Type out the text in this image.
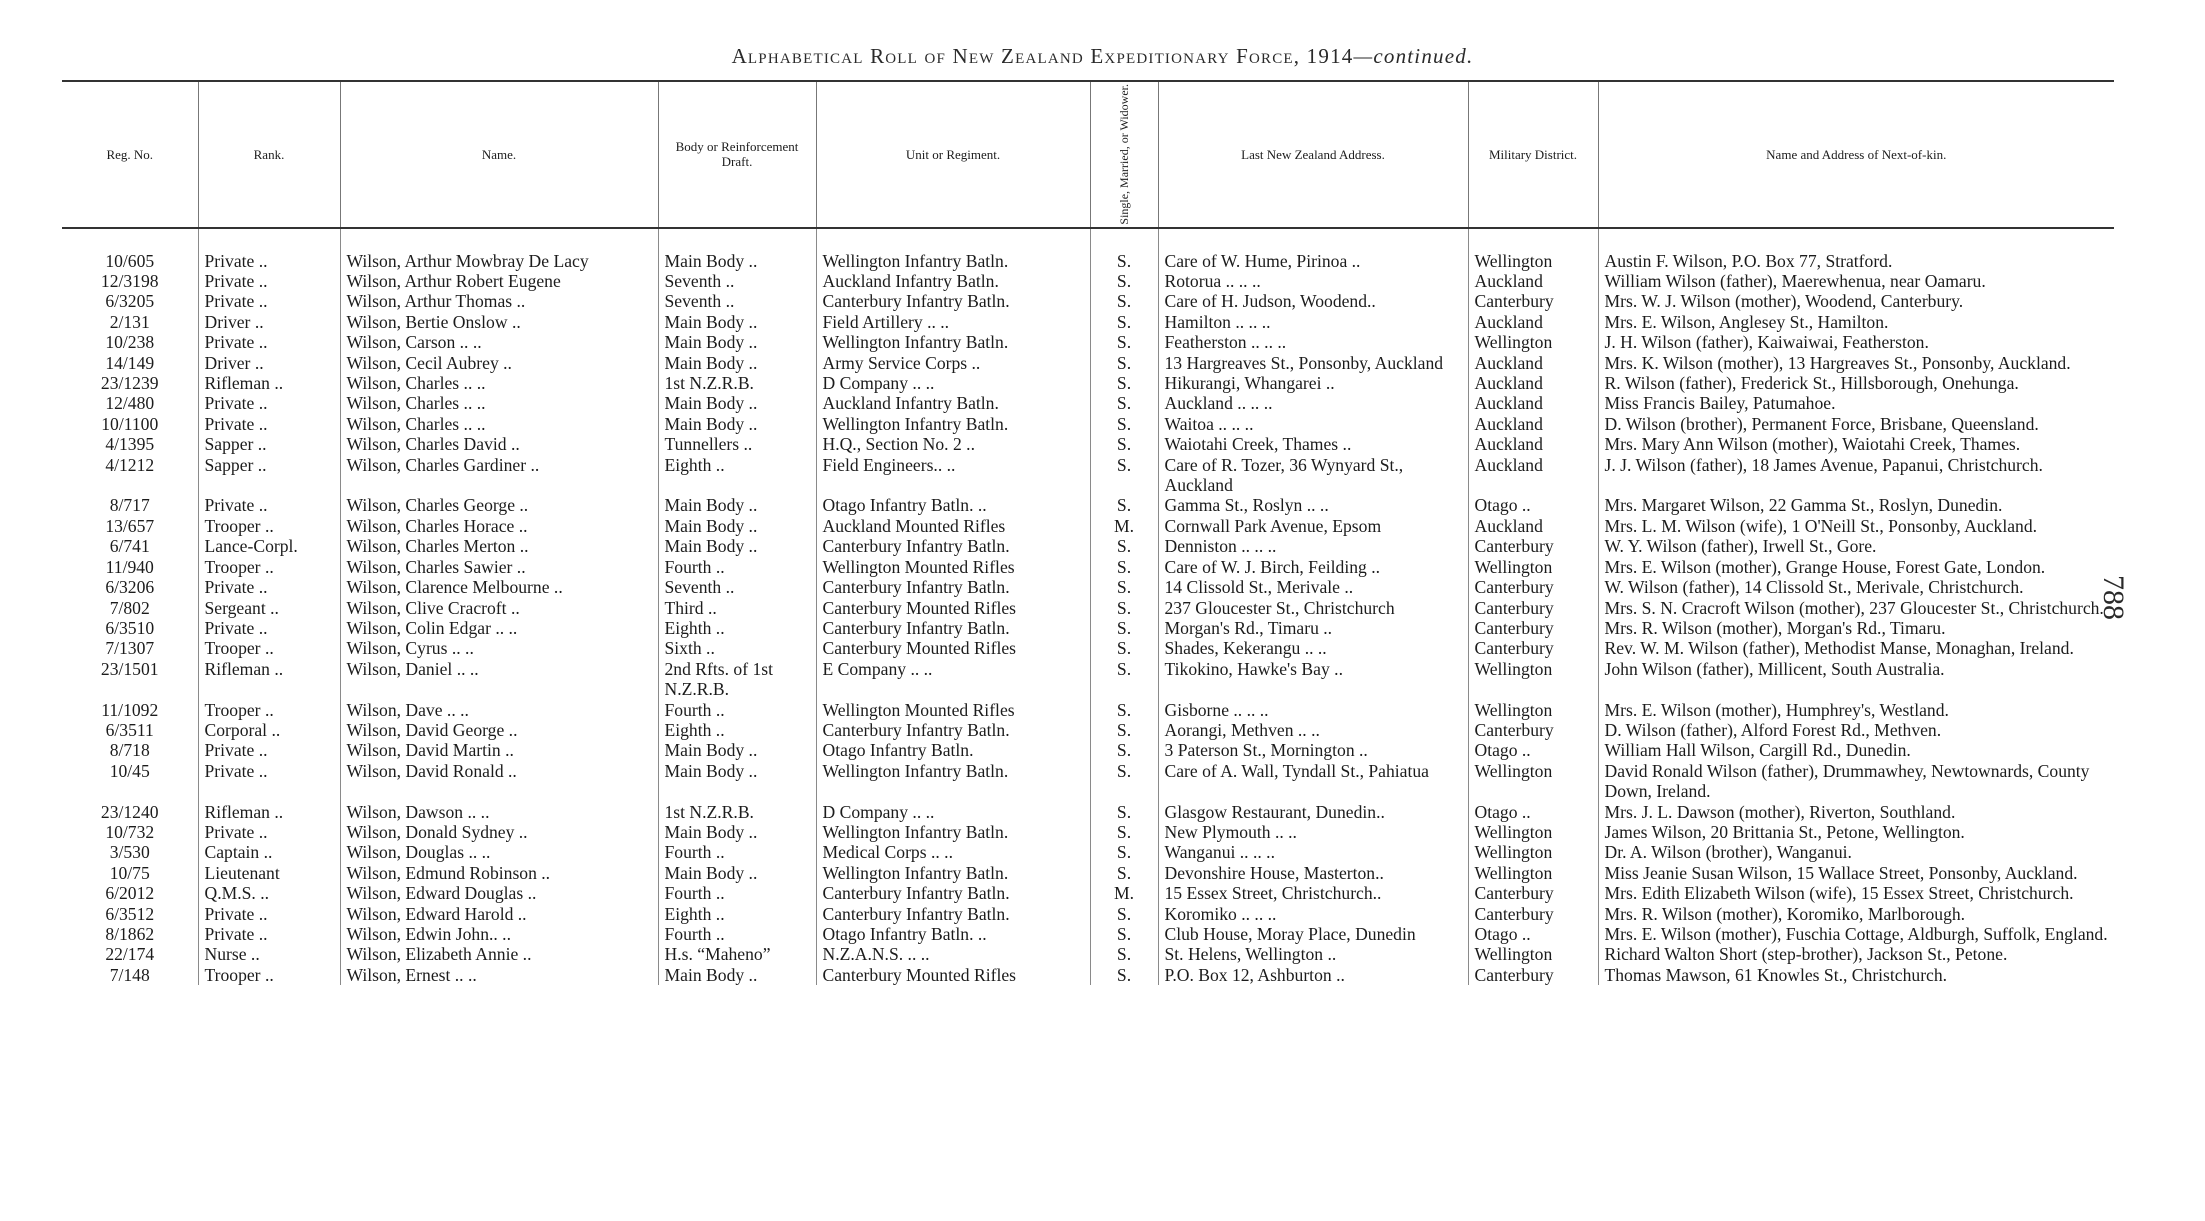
Alphabetical Roll of New Zealand Expeditionary Force, 1914—continued.
Reg. No.	Rank.	Name.	Body or Reinforcement Draft.	Unit or Regiment.	Single, Married, or Widower.	Last New Zealand Address.	Military District.	Name and Address of Next-of-kin.

10/605	Private ..	Wilson, Arthur Mowbray De Lacy	Main Body ..	Wellington Infantry Batln.	S.	Care of W. Hume, Pirinoa ..	Wellington	Austin F. Wilson, P.O. Box 77, Stratford.
12/3198	Private ..	Wilson, Arthur Robert Eugene	Seventh ..	Auckland Infantry Batln.	S.	Rotorua .. .. ..	Auckland	William Wilson (father), Maerewhenua, near Oamaru.
6/3205	Private ..	Wilson, Arthur Thomas ..	Seventh ..	Canterbury Infantry Batln.	S.	Care of H. Judson, Woodend..	Canterbury	Mrs. W. J. Wilson (mother), Woodend, Canterbury.
2/131	Driver ..	Wilson, Bertie Onslow ..	Main Body ..	Field Artillery .. ..	S.	Hamilton .. .. ..	Auckland	Mrs. E. Wilson, Anglesey St., Hamilton.
10/238	Private ..	Wilson, Carson .. ..	Main Body ..	Wellington Infantry Batln.	S.	Featherston .. .. ..	Wellington	J. H. Wilson (father), Kaiwaiwai, Featherston.
14/149	Driver ..	Wilson, Cecil Aubrey ..	Main Body ..	Army Service Corps ..	S.	13 Hargreaves St., Ponsonby, Auckland	Auckland	Mrs. K. Wilson (mother), 13 Hargreaves St., Ponsonby, Auckland.
23/1239	Rifleman ..	Wilson, Charles .. ..	1st N.Z.R.B.	D Company .. ..	S.	Hikurangi, Whangarei ..	Auckland	R. Wilson (father), Frederick St., Hillsborough, Onehunga.
12/480	Private ..	Wilson, Charles .. ..	Main Body ..	Auckland Infantry Batln.	S.	Auckland .. .. ..	Auckland	Miss Francis Bailey, Patumahoe.
10/1100	Private ..	Wilson, Charles .. ..	Main Body ..	Wellington Infantry Batln.	S.	Waitoa .. .. ..	Auckland	D. Wilson (brother), Permanent Force, Brisbane, Queensland.
4/1395	Sapper ..	Wilson, Charles David ..	Tunnellers ..	H.Q., Section No. 2 ..	S.	Waiotahi Creek, Thames ..	Auckland	Mrs. Mary Ann Wilson (mother), Waiotahi Creek, Thames.
4/1212	Sapper ..	Wilson, Charles Gardiner ..	Eighth ..	Field Engineers.. ..	S.	Care of R. Tozer, 36 Wynyard St., Auckland	Auckland	J. J. Wilson (father), 18 James Avenue, Papanui, Christchurch.
8/717	Private ..	Wilson, Charles George ..	Main Body ..	Otago Infantry Batln. ..	S.	Gamma St., Roslyn .. ..	Otago ..	Mrs. Margaret Wilson, 22 Gamma St., Roslyn, Dunedin.
13/657	Trooper ..	Wilson, Charles Horace ..	Main Body ..	Auckland Mounted Rifles	M.	Cornwall Park Avenue, Epsom	Auckland	Mrs. L. M. Wilson (wife), 1 O'Neill St., Ponsonby, Auckland.
6/741	Lance-Corpl.	Wilson, Charles Merton ..	Main Body ..	Canterbury Infantry Batln.	S.	Denniston .. .. ..	Canterbury	W. Y. Wilson (father), Irwell St., Gore.
11/940	Trooper ..	Wilson, Charles Sawier ..	Fourth ..	Wellington Mounted Rifles	S.	Care of W. J. Birch, Feilding ..	Wellington	Mrs. E. Wilson (mother), Grange House, Forest Gate, London.
6/3206	Private ..	Wilson, Clarence Melbourne ..	Seventh ..	Canterbury Infantry Batln.	S.	14 Clissold St., Merivale ..	Canterbury	W. Wilson (father), 14 Clissold St., Merivale, Christchurch.
7/802	Sergeant ..	Wilson, Clive Cracroft ..	Third ..	Canterbury Mounted Rifles	S.	237 Gloucester St., Christchurch	Canterbury	Mrs. S. N. Cracroft Wilson (mother), 237 Gloucester St., Christchurch.
6/3510	Private ..	Wilson, Colin Edgar .. ..	Eighth ..	Canterbury Infantry Batln.	S.	Morgan's Rd., Timaru ..	Canterbury	Mrs. R. Wilson (mother), Morgan's Rd., Timaru.
7/1307	Trooper ..	Wilson, Cyrus .. ..	Sixth ..	Canterbury Mounted Rifles	S.	Shades, Kekerangu .. ..	Canterbury	Rev. W. M. Wilson (father), Methodist Manse, Monaghan, Ireland.
23/1501	Rifleman ..	Wilson, Daniel .. ..	2nd Rfts. of 1st N.Z.R.B.	E Company .. ..	S.	Tikokino, Hawke's Bay ..	Wellington	John Wilson (father), Millicent, South Australia.
11/1092	Trooper ..	Wilson, Dave .. ..	Fourth ..	Wellington Mounted Rifles	S.	Gisborne .. .. ..	Wellington	Mrs. E. Wilson (mother), Humphrey's, Westland.
6/3511	Corporal ..	Wilson, David George ..	Eighth ..	Canterbury Infantry Batln.	S.	Aorangi, Methven .. ..	Canterbury	D. Wilson (father), Alford Forest Rd., Methven.
8/718	Private ..	Wilson, David Martin ..	Main Body ..	Otago Infantry Batln.	S.	3 Paterson St., Mornington ..	Otago ..	William Hall Wilson, Cargill Rd., Dunedin.
10/45	Private ..	Wilson, David Ronald ..	Main Body ..	Wellington Infantry Batln.	S.	Care of A. Wall, Tyndall St., Pahiatua	Wellington	David Ronald Wilson (father), Drummawhey, Newtownards, County Down, Ireland.
23/1240	Rifleman ..	Wilson, Dawson .. ..	1st N.Z.R.B.	D Company .. ..	S.	Glasgow Restaurant, Dunedin..	Otago ..	Mrs. J. L. Dawson (mother), Riverton, Southland.
10/732	Private ..	Wilson, Donald Sydney ..	Main Body ..	Wellington Infantry Batln.	S.	New Plymouth .. ..	Wellington	James Wilson, 20 Brittania St., Petone, Wellington.
3/530	Captain ..	Wilson, Douglas .. ..	Fourth ..	Medical Corps .. ..	S.	Wanganui .. .. ..	Wellington	Dr. A. Wilson (brother), Wanganui.
10/75	Lieutenant	Wilson, Edmund Robinson ..	Main Body ..	Wellington Infantry Batln.	S.	Devonshire House, Masterton..	Wellington	Miss Jeanie Susan Wilson, 15 Wallace Street, Ponsonby, Auckland.
6/2012	Q.M.S. ..	Wilson, Edward Douglas ..	Fourth ..	Canterbury Infantry Batln.	M.	15 Essex Street, Christchurch..	Canterbury	Mrs. Edith Elizabeth Wilson (wife), 15 Essex Street, Christchurch.
6/3512	Private ..	Wilson, Edward Harold ..	Eighth ..	Canterbury Infantry Batln.	S.	Koromiko .. .. ..	Canterbury	Mrs. R. Wilson (mother), Koromiko, Marlborough.
8/1862	Private ..	Wilson, Edwin John.. ..	Fourth ..	Otago Infantry Batln. ..	S.	Club House, Moray Place, Dunedin	Otago ..	Mrs. E. Wilson (mother), Fuschia Cottage, Aldburgh, Suffolk, England.
22/174	Nurse ..	Wilson, Elizabeth Annie ..	H.s. “Maheno”	N.Z.A.N.S. .. ..	S.	St. Helens, Wellington ..	Wellington	Richard Walton Short (step-brother), Jackson St., Petone.
7/148	Trooper ..	Wilson, Ernest .. ..	Main Body ..	Canterbury Mounted Rifles	S.	P.O. Box 12, Ashburton ..	Canterbury	Thomas Mawson, 61 Knowles St., Christchurch.
788
